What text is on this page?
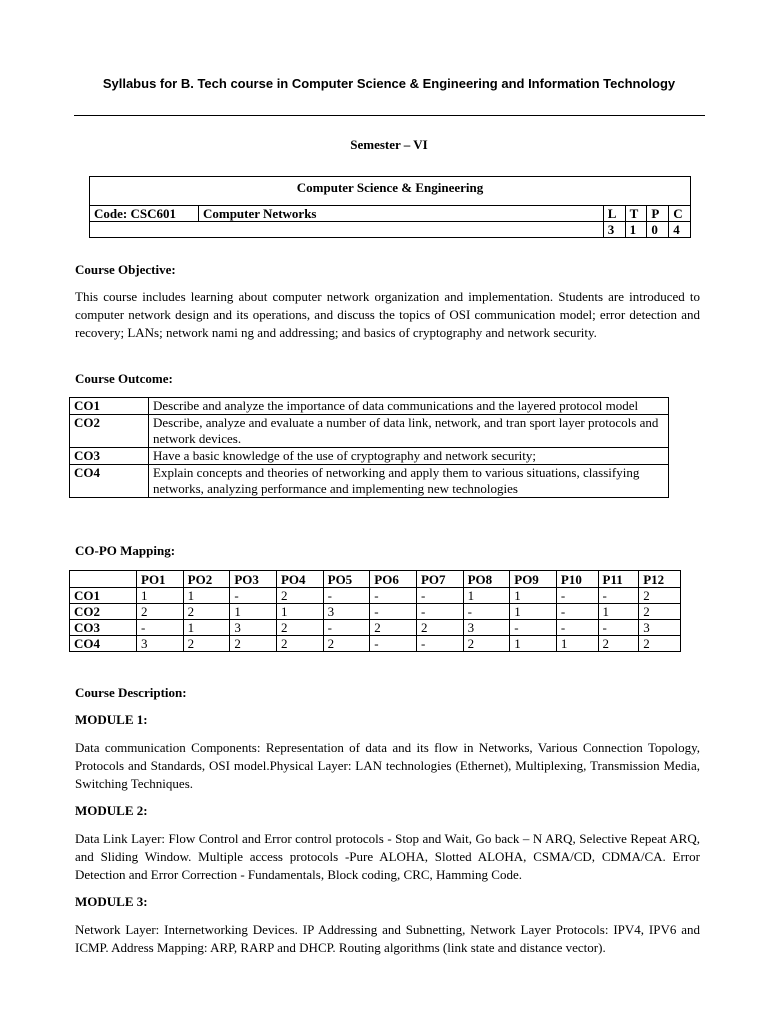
Syllabus for B. Tech course in Computer Science & Engineering and Information Technology
Semester – VI
Computer Science & Engineering					
Code: CSC601	Computer Networks	L	T	P	C
		3	1	0	4
Course Objective:
This course includes learning about computer network organization and implementation. Students are introduced to computer network design and its operations, and discuss the topics of OSI communication model; error detection and recovery; LANs; network nami ng and addressing; and basics of cryptography and network security.
Course Outcome:
CO1	Describe and analyze the importance of data communications and the layered protocol model
CO2	Describe, analyze and evaluate a number of data link, network, and tran sport layer protocols and network devices.
CO3	Have a basic knowledge of the use of cryptography and network security;
CO4	Explain concepts and theories of networking and apply them to various situations, classifying networks, analyzing performance and implementing new technologies
CO-PO Mapping:
	PO1	PO2	PO3	PO4	PO5	PO6	PO7	PO8	PO9	P10	P11	P12
CO1	1	1	-	2	-	-	-	1	1	-	-	2
CO2	2	2	1	1	3	-	-	-	1	-	1	2
CO3	-	1	3	2	-	2	2	3	-	-	-	3
CO4	3	2	2	2	2	-	-	2	1	1	2	2
Course Description:
MODULE 1:
Data communication Components: Representation of data and its flow in Networks, Various Connection Topology, Protocols and Standards, OSI model.Physical Layer: LAN technologies (Ethernet), Multiplexing, Transmission Media, Switching Techniques.
MODULE 2:
Data Link Layer: Flow Control and Error control protocols - Stop and Wait, Go back – N ARQ, Selective Repeat ARQ, and Sliding Window. Multiple access protocols -Pure ALOHA, Slotted ALOHA, CSMA/CD, CDMA/CA. Error Detection and Error Correction - Fundamentals, Block coding, CRC, Hamming Code.
MODULE 3:
Network Layer: Internetworking Devices. IP Addressing and Subnetting, Network Layer Protocols: IPV4, IPV6 and ICMP. Address Mapping: ARP, RARP and DHCP. Routing algorithms (link state and distance vector).
